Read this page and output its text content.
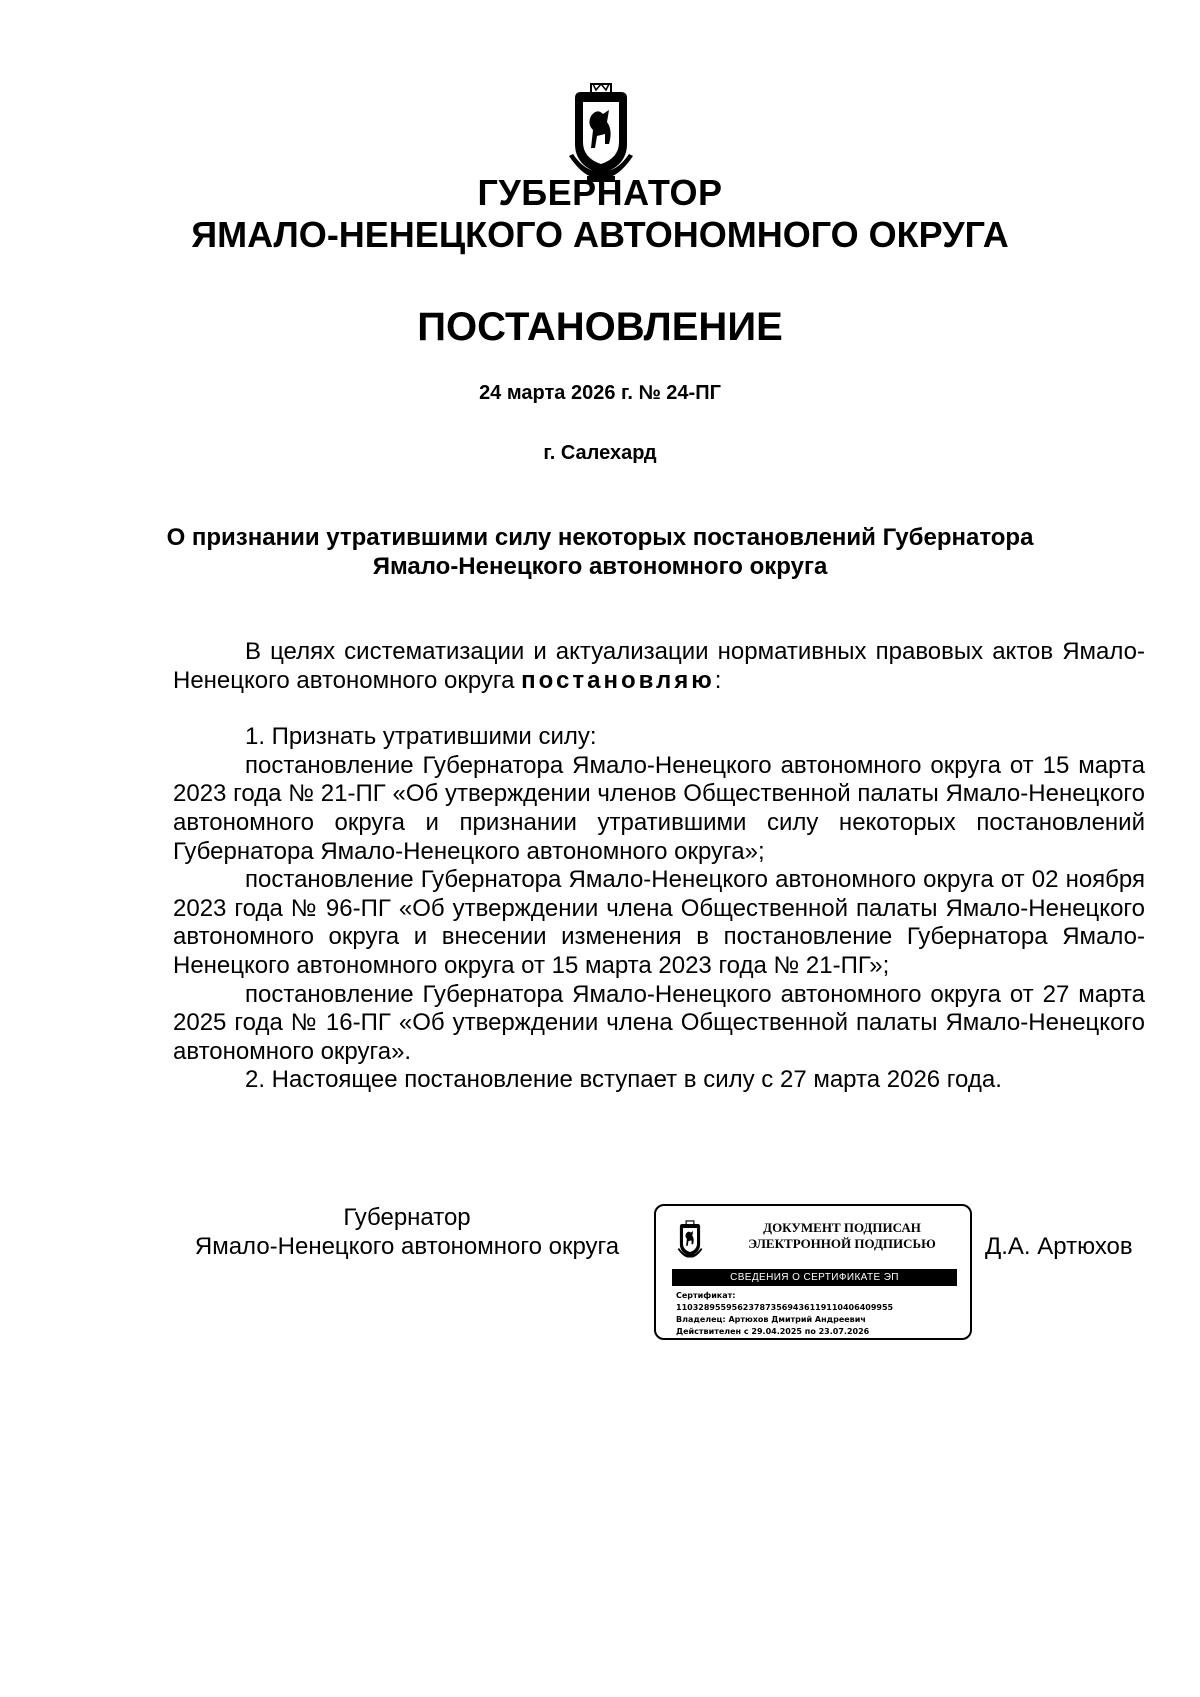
ГУБЕРНАТОР
ЯМАЛО-НЕНЕЦКОГО АВТОНОМНОГО ОКРУГА
ПОСТАНОВЛЕНИЕ
24 марта 2026 г. № 24-ПГ
г. Салехард
О признании утратившими силу некоторых постановлений Губернатора
Ямало-Ненецкого автономного округа

В целях систематизации и актуализации нормативных правовых актов Ямало-Ненецкого автономного округа постановляю:

1. Признать утратившими силу:

постановление Губернатора Ямало-Ненецкого автономного округа от 15 марта 2023 года № 21-ПГ «Об утверждении членов Общественной палаты Ямало-Ненецкого автономного округа и признании утратившими силу некоторых постановлений Губернатора Ямало-Ненецкого автономного округа»;

постановление Губернатора Ямало-Ненецкого автономного округа от 02 ноября 2023 года № 96-ПГ «Об утверждении члена Общественной палаты Ямало-Ненецкого автономного округа и внесении изменения в постановление Губернатора Ямало-Ненецкого автономного округа от 15 марта 2023 года № 21-ПГ»;

постановление Губернатора Ямало-Ненецкого автономного округа от 27 марта 2025 года № 16-ПГ «Об утверждении члена Общественной палаты Ямало-Ненецкого автономного округа».

2. Настоящее постановление вступает в силу с 27 марта 2026 года.

Губернатор
Ямало-Ненецкого автономного округа
ДОКУМЕНТ ПОДПИСАН
ЭЛЕКТРОННОЙ ПОДПИСЬЮ
СВЕДЕНИЯ О СЕРТИФИКАТЕ ЭП
Сертификат:
110328955956237873569436119110406409955
Владелец: Артюхов Дмитрий Андреевич
Действителен с 29.04.2025 по 23.07.2026
Д.А. Артюхов
